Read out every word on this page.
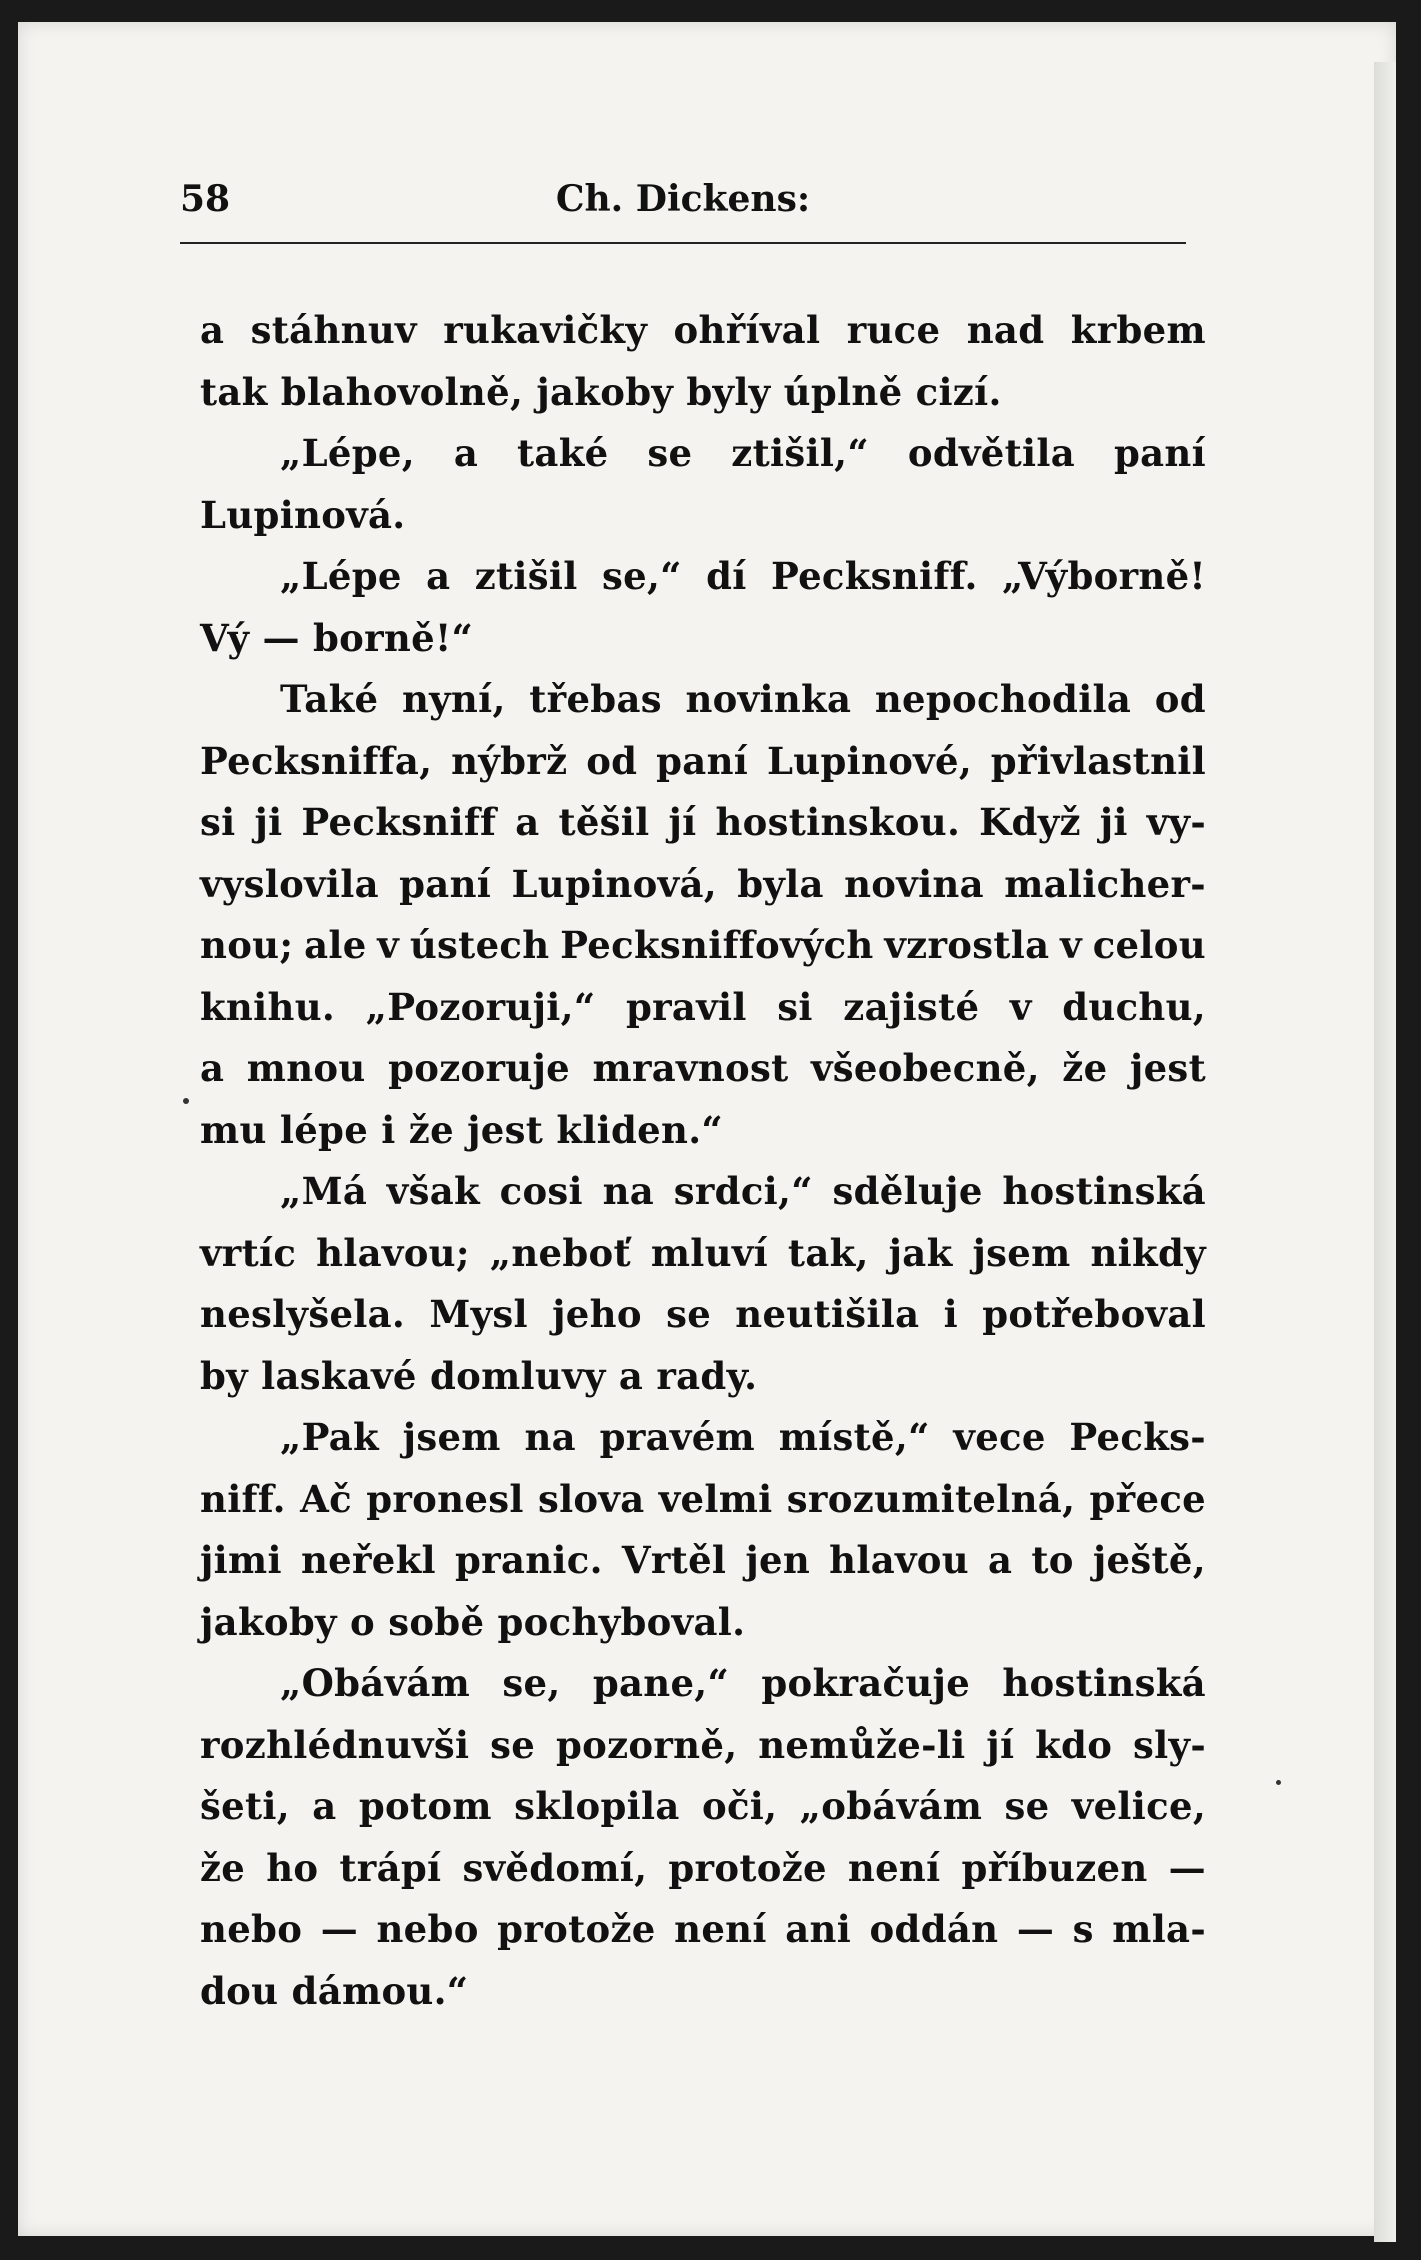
58	Ch. Dickens:
a stáhnuv rukavičky ohříval ruce nad krbem
tak blahovolně, jakoby byly úplně cizí.
„Lépe, a také se ztišil,“ odvětila paní
Lupinová.
„Lépe a ztišil se,“ dí Pecksniff. „Výborně!
Vý — borně!“
Také nyní, třebas novinka nepochodila od
Pecksniffa, nýbrž od paní Lupinové, přivlastnil
si ji Pecksniff a těšil jí hostinskou. Když ji vy-
vyslovila paní Lupinová, byla novina malicher-
nou; ale v ústech Pecksniffových vzrostla v celou
knihu. „Pozoruji,“ pravil si zajisté v duchu,
a mnou pozoruje mravnost všeobecně, že jest
mu lépe i že jest kliden.“
„Má však cosi na srdci,“ sděluje hostinská
vrtíc hlavou; „neboť mluví tak, jak jsem nikdy
neslyšela. Mysl jeho se neutišila i potřeboval
by laskavé domluvy a rady.
„Pak jsem na pravém místě,“ vece Pecks-
niff. Ač pronesl slova velmi srozumitelná, přece
jimi neřekl pranic. Vrtěl jen hlavou a to ještě,
jakoby o sobě pochyboval.
„Obávám se, pane,“ pokračuje hostinská
rozhlédnuvši se pozorně, nemůže-li jí kdo sly-
šeti, a potom sklopila oči, „obávám se velice,
že ho trápí svědomí, protože není příbuzen —
nebo — nebo protože není ani oddán — s mla-
dou dámou.“
